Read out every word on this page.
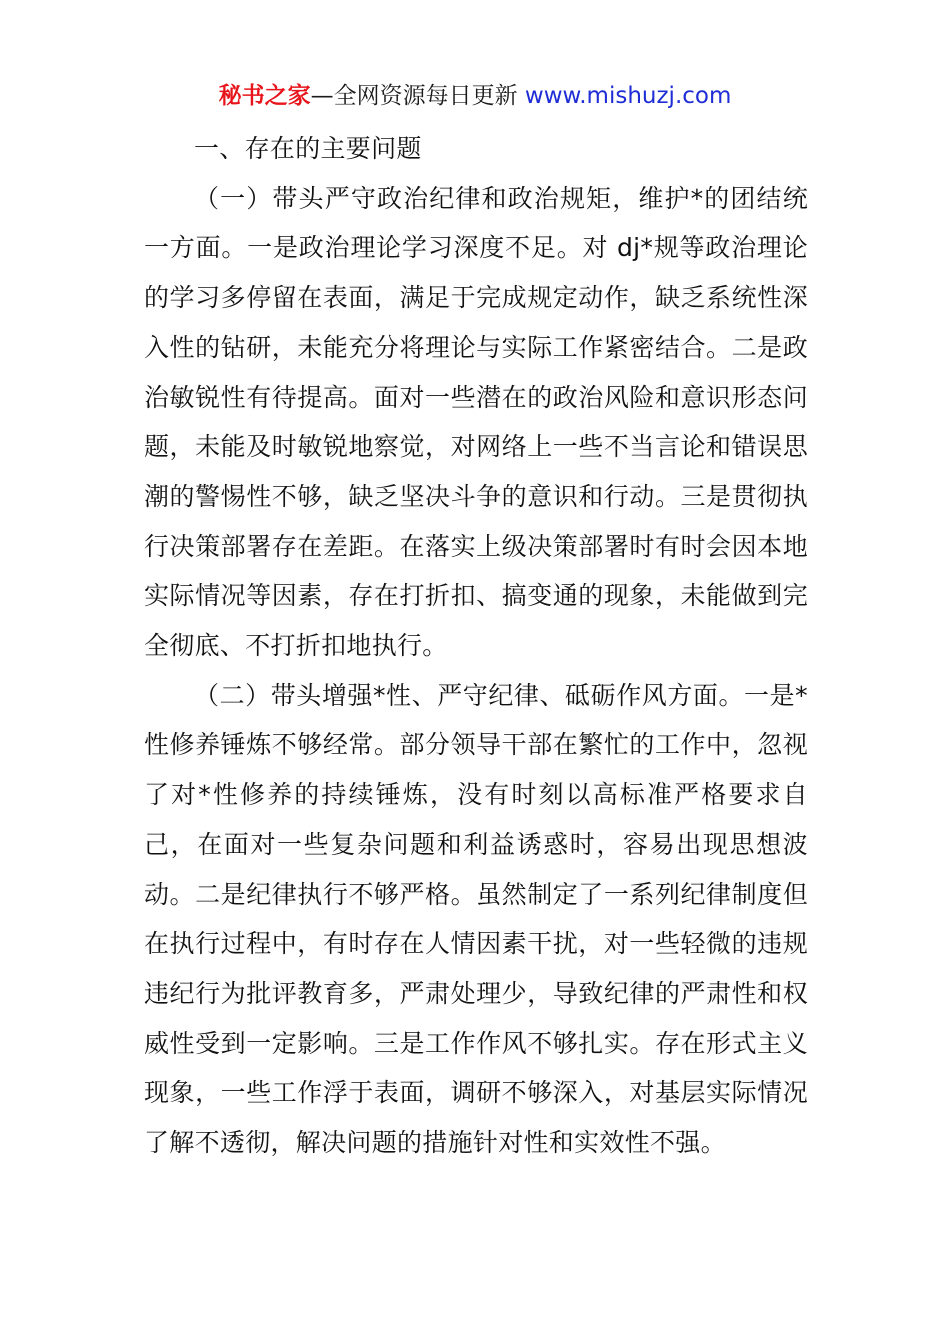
秘书之家—全网资源每日更新 www.mishuzj.com
一、存在的主要问题

（一）带头严守政治纪律和政治规矩，维护*的团结统一方面。一是政治理论学习深度不足。对 dj*规等政治理论的学习多停留在表面，满足于完成规定动作，缺乏系统性深入性的钻研，未能充分将理论与实际工作紧密结合。二是政治敏锐性有待提高。面对一些潜在的政治风险和意识形态问题，未能及时敏锐地察觉，对网络上一些不当言论和错误思潮的警惕性不够，缺乏坚决斗争的意识和行动。三是贯彻执行决策部署存在差距。在落实上级决策部署时有时会因本地实际情况等因素，存在打折扣、搞变通的现象，未能做到完全彻底、不打折扣地执行。

（二）带头增强*性、严守纪律、砥砺作风方面。一是*性修养锤炼不够经常。部分领导干部在繁忙的工作中，忽视了对*性修养的持续锤炼，没有时刻以高标准严格要求自己，在面对一些复杂问题和利益诱惑时，容易出现思想波动。二是纪律执行不够严格。虽然制定了一系列纪律制度但在执行过程中，有时存在人情因素干扰，对一些轻微的违规违纪行为批评教育多，严肃处理少，导致纪律的严肃性和权威性受到一定影响。三是工作作风不够扎实。存在形式主义现象，一些工作浮于表面，调研不够深入，对基层实际情况了解不透彻，解决问题的措施针对性和实效性不强。
